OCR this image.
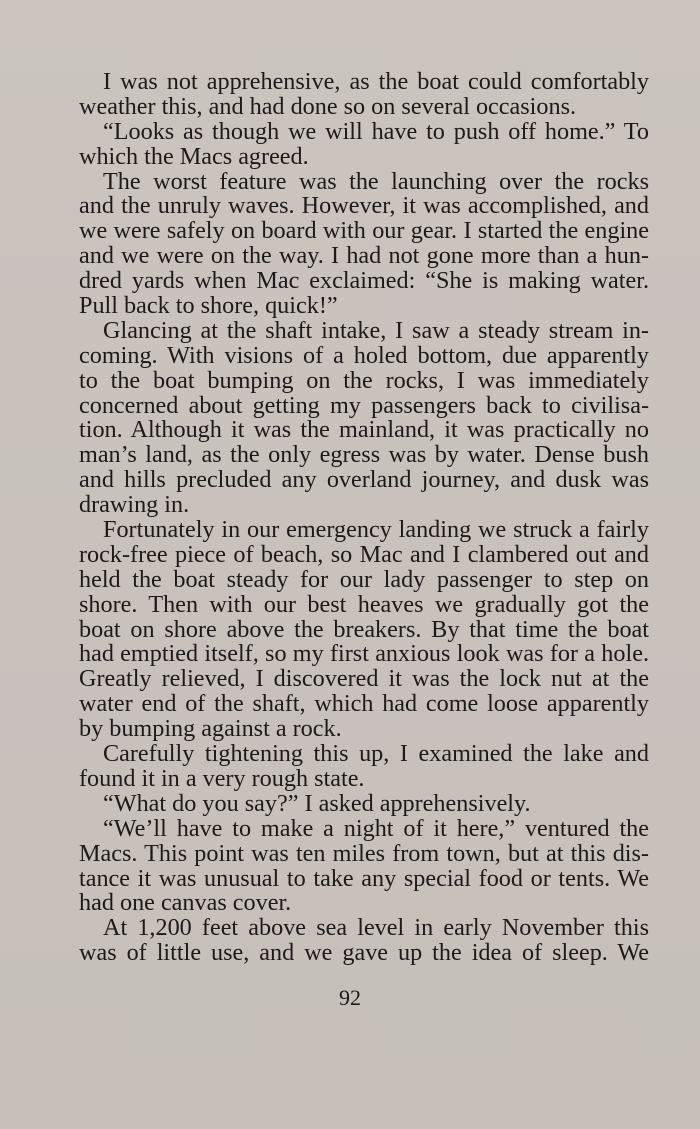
I was not apprehensive, as the boat could comfortably
weather this, and had done so on several occasions.
“Looks as though we will have to push off home.” To
which the Macs agreed.
The worst feature was the launching over the rocks
and the unruly waves. However, it was accomplished, and
we were safely on board with our gear. I started the engine
and we were on the way. I had not gone more than a hun-
dred yards when Mac exclaimed: “She is making water.
Pull back to shore, quick!”
Glancing at the shaft intake, I saw a steady stream in-
coming. With visions of a holed bottom, due apparently
to the boat bumping on the rocks, I was immediately
concerned about getting my passengers back to civilisa-
tion. Although it was the mainland, it was practically no
man’s land, as the only egress was by water. Dense bush
and hills precluded any overland journey, and dusk was
drawing in.
Fortunately in our emergency landing we struck a fairly
rock-free piece of beach, so Mac and I clambered out and
held the boat steady for our lady passenger to step on
shore. Then with our best heaves we gradually got the
boat on shore above the breakers. By that time the boat
had emptied itself, so my first anxious look was for a hole.
Greatly relieved, I discovered it was the lock nut at the
water end of the shaft, which had come loose apparently
by bumping against a rock.
Carefully tightening this up, I examined the lake and
found it in a very rough state.
“What do you say?” I asked apprehensively.
“We’ll have to make a night of it here,” ventured the
Macs. This point was ten miles from town, but at this dis-
tance it was unusual to take any special food or tents. We
had one canvas cover.
At 1,200 feet above sea level in early November this
was of little use, and we gave up the idea of sleep. We
92
